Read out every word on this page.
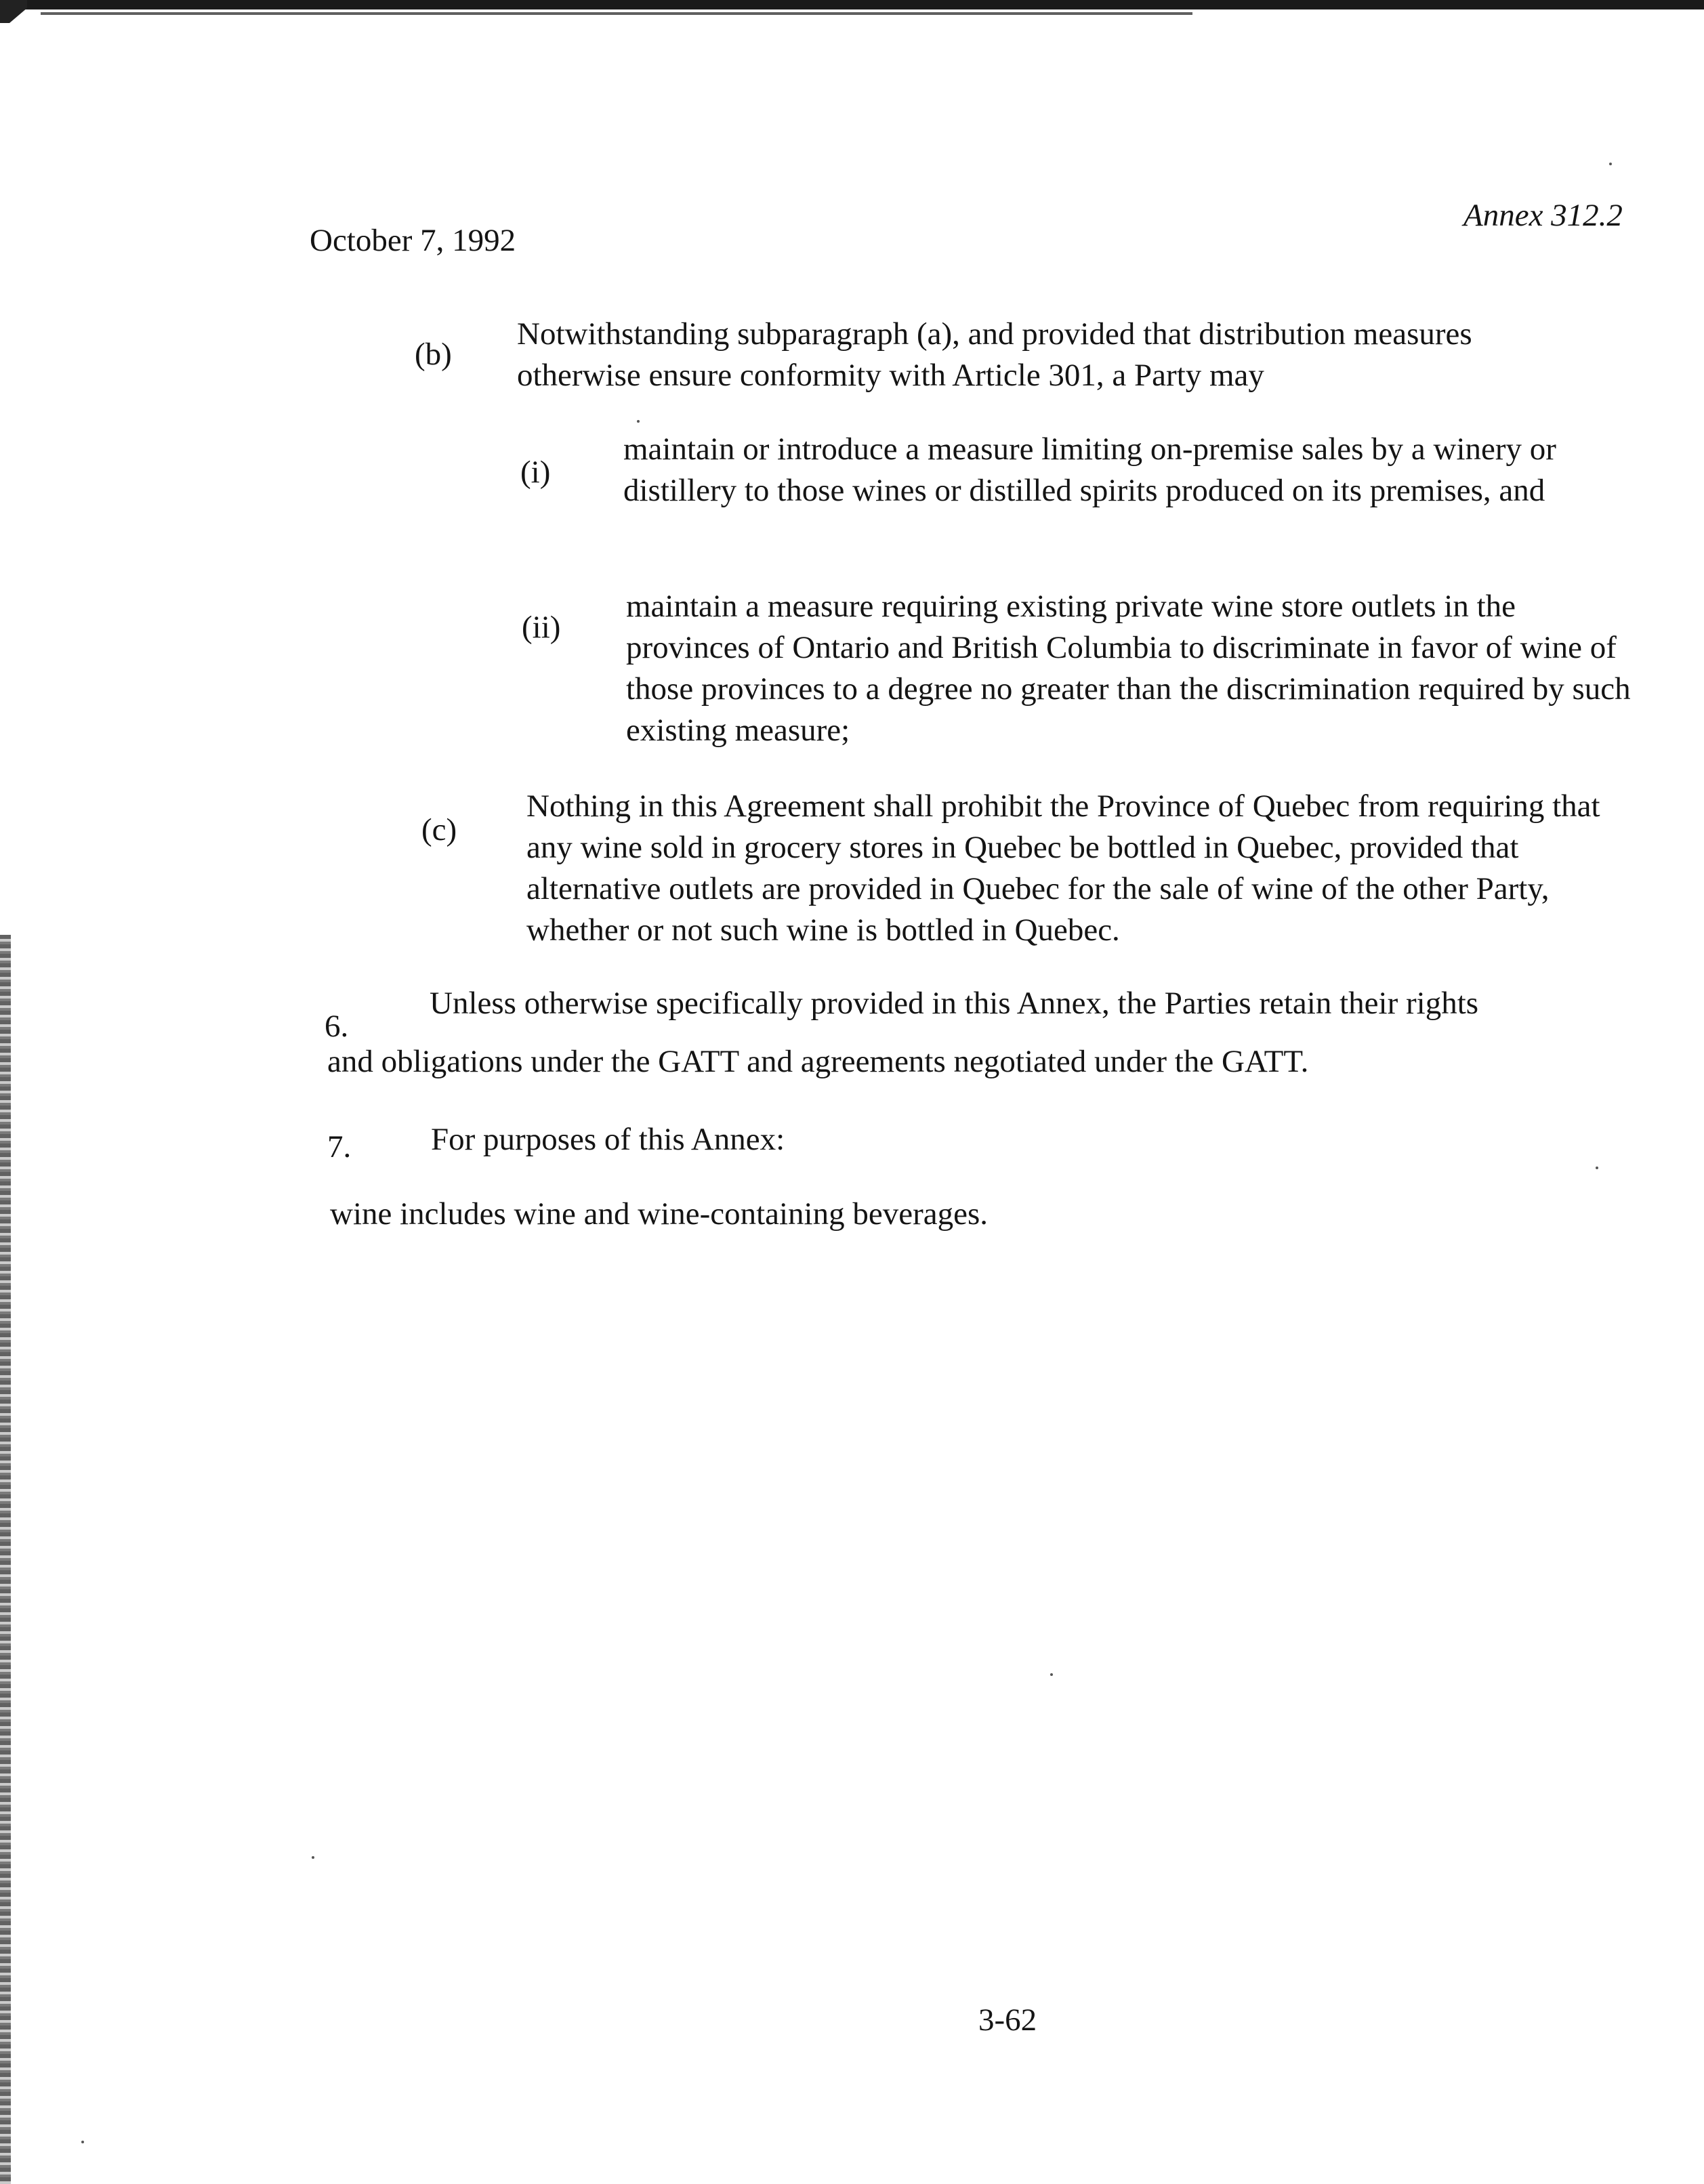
October 7, 1992

Annex 312.2

(b)

Notwithstanding subparagraph (a), and provided that distribution measures otherwise ensure conformity with Article 301, a Party may

(i)

maintain or introduce a measure limiting on-premise sales by a winery or distillery to those wines or distilled spirits produced on its premises, and

(ii)

maintain a measure requiring existing private wine store outlets in the provinces of Ontario and British Columbia to discriminate in favor of wine of those provinces to a degree no greater than the discrimination required by such existing measure;

(c)

Nothing in this Agreement shall prohibit the Province of Quebec from requiring that any wine sold in grocery stores in Quebec be bottled in Quebec, provided that alternative outlets are provided in Quebec for the sale of wine of the other Party, whether or not such wine is bottled in Quebec.

6.

Unless otherwise specifically provided in this Annex, the Parties retain their rights

and obligations under the GATT and agreements negotiated under the GATT.

7.	For purposes of this Annex:

wine includes wine and wine-containing beverages.

3-62
